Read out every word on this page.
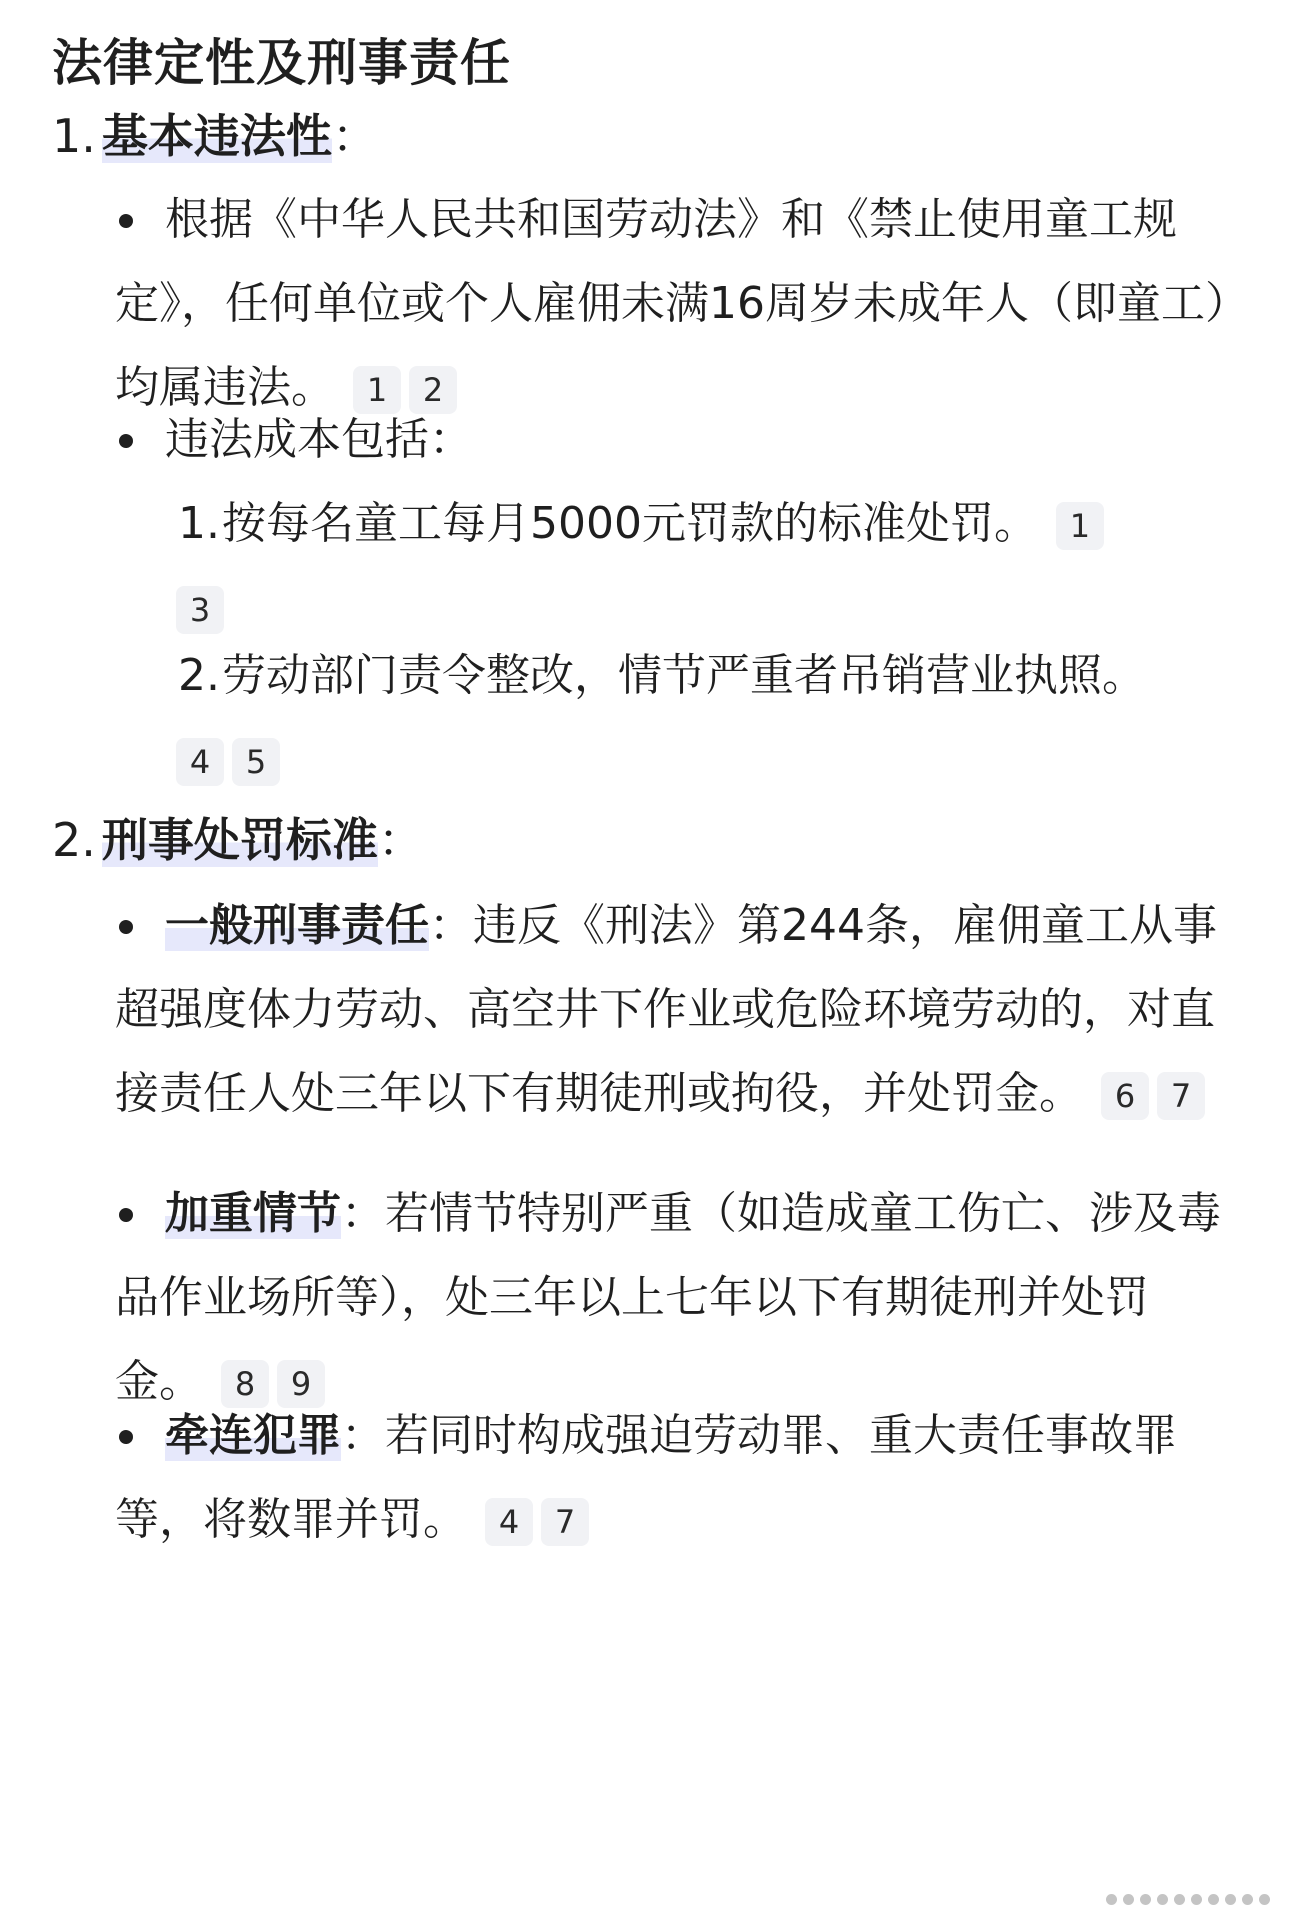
法律定性及刑事责任
1. 基本违法性：
根据《中华人民共和国劳动法》和《禁止使用童工规定》，任何单位或个人雇佣未满16周岁未成年人（即童工）均属违法。 1 2
违法成本包括：
1.按每名童工每月5000元罚款的标准处罚。 1
3
2.劳动部门责令整改，情节严重者吊销营业执照。
4 5
2. 刑事处罚标准：
一般刑事责任：违反《刑法》第244条，雇佣童工从事超强度体力劳动、高空井下作业或危险环境劳动的，对直接责任人处三年以下有期徒刑或拘役，并处罚金。 6 7
加重情节：若情节特别严重（如造成童工伤亡、涉及毒品作业场所等），处三年以上七年以下有期徒刑并处罚金。 8 9
牵连犯罪：若同时构成强迫劳动罪、重大责任事故罪等，将数罪并罚。 4 7
